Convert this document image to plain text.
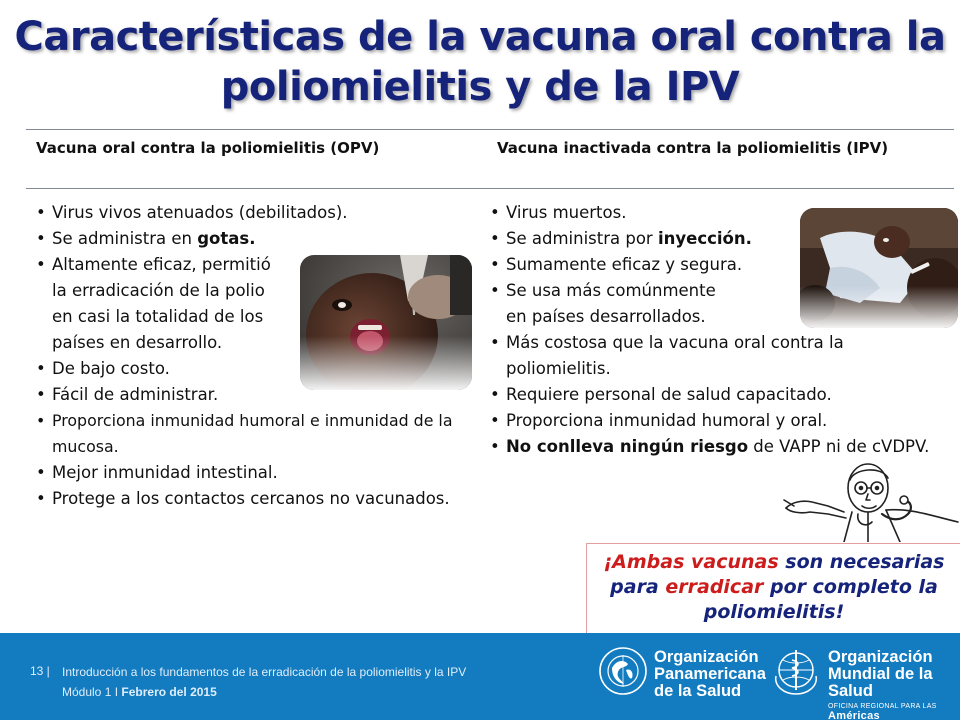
Características de la vacuna oral contra la
poliomielitis y de la IPV
Vacuna oral contra la poliomielitis (OPV)	Vacuna inactivada contra la poliomielitis (IPV)
• Virus vivos atenuados (debilitados).
• Se administra en gotas.
• Altamente eficaz, permitió
la erradicación de la polio
en casi la totalidad de los
países en desarrollo.
• De bajo costo.
• Fácil de administrar.
• Proporciona inmunidad humoral e inmunidad de la mucosa.
• Mejor inmunidad intestinal.
• Protege a los contactos cercanos no vacunados.
• Virus muertos.
• Se administra por inyección.
• Sumamente eficaz y segura.
• Se usa más comúnmente
en países desarrollados.
• Más costosa que la vacuna oral contra la poliomielitis.
• Requiere personal de salud capacitado.
• Proporciona inmunidad humoral y oral.
• No conlleva ningún riesgo de VAPP ni de cVDPV.
¡Ambas vacunas son necesarias para erradicar por completo la poliomielitis!
13 | Introducción a los fundamentos de la erradicación de la poliomielitis y la IPV
Módulo 1 I Febrero del 2015
Organización
Panamericana
de la Salud
Organización
Mundial de la Salud
OFICINA REGIONAL PARA LAS Américas
